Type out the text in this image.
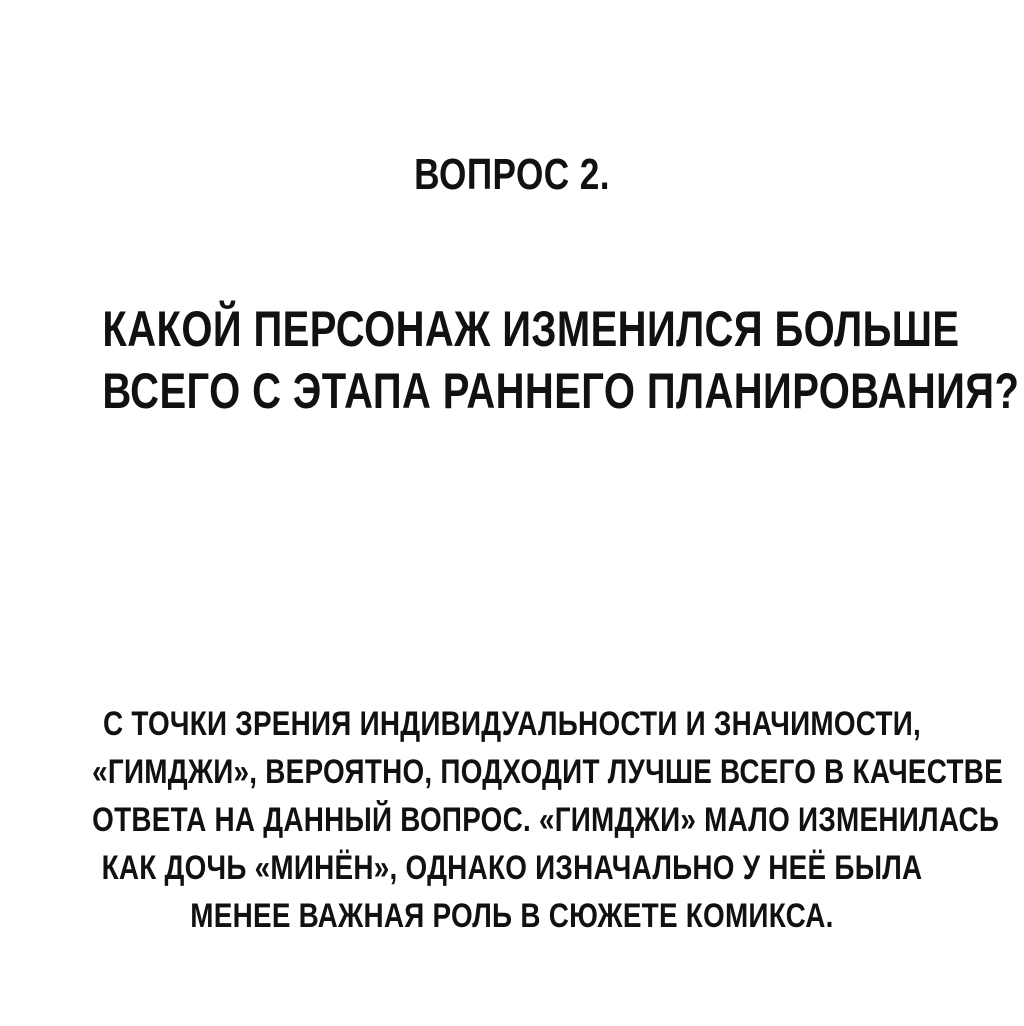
ВОПРОС 2.
КАКОЙ ПЕРСОНАЖ ИЗМЕНИЛСЯ БОЛЬШЕ
ВСЕГО С ЭТАПА РАННЕГО ПЛАНИРОВАНИЯ?
С ТОЧКИ ЗРЕНИЯ ИНДИВИДУАЛЬНОСТИ И ЗНАЧИМОСТИ,
«ГИМДЖИ», ВЕРОЯТНО, ПОДХОДИТ ЛУЧШЕ ВСЕГО В КАЧЕСТВЕ
ОТВЕТА НА ДАННЫЙ ВОПРОС. «ГИМДЖИ» МАЛО ИЗМЕНИЛАСЬ
КАК ДОЧЬ «МИНЁН», ОДНАКО ИЗНАЧАЛЬНО У НЕЁ БЫЛА
МЕНЕЕ ВАЖНАЯ РОЛЬ В СЮЖЕТЕ КОМИКСА.
